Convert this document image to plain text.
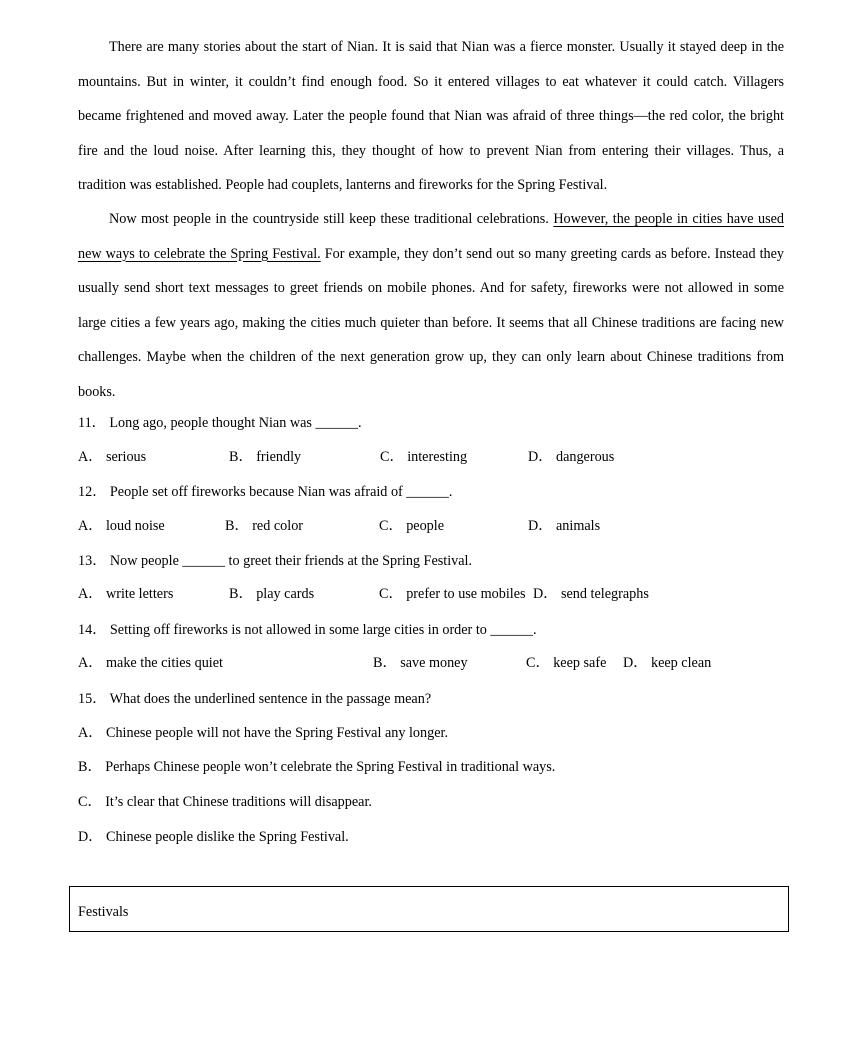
There are many stories about the start of Nian. It is said that Nian was a fierce monster. Usually it stayed deep in the mountains. But in winter, it couldn’t find enough food. So it entered villages to eat whatever it could catch. Villagers became frightened and moved away. Later the people found that Nian was afraid of three things—the red color, the bright fire and the loud noise. After learning this, they thought of how to prevent Nian from entering their villages. Thus, a tradition was established. People had couplets, lanterns and fireworks for the Spring Festival.

Now most people in the countryside still keep these traditional celebrations. However, the people in cities have used new ways to celebrate the Spring Festival. For example, they don’t send out so many greeting cards as before. Instead they usually send short text messages to greet friends on mobile phones. And for safety, fireworks were not allowed in some large cities a few years ago, making the cities much quieter than before. It seems that all Chinese traditions are facing new challenges. Maybe when the children of the next generation grow up, they can only learn about Chinese traditions from books.

11． Long ago, people thought Nian was ______.
A． serious	B． friendly	C． interesting	D． dangerous
12． People set off fireworks because Nian was afraid of ______.
A． loud noise	B． red color	C． people	D． animals
13． Now people ______ to greet their friends at the Spring Festival.
A． write letters	B． play cards	C． prefer to use mobiles D． send telegraphs
14． Setting off fireworks is not allowed in some large cities in order to ______.
A． make the cities quiet	B． save money	C． keep safe D． keep clean
15． What does the underlined sentence in the passage mean?
A． Chinese people will not have the Spring Festival any longer.
B． Perhaps Chinese people won’t celebrate the Spring Festival in traditional ways.
C． It’s clear that Chinese traditions will disappear.
D． Chinese people dislike the Spring Festival.
Festivals
